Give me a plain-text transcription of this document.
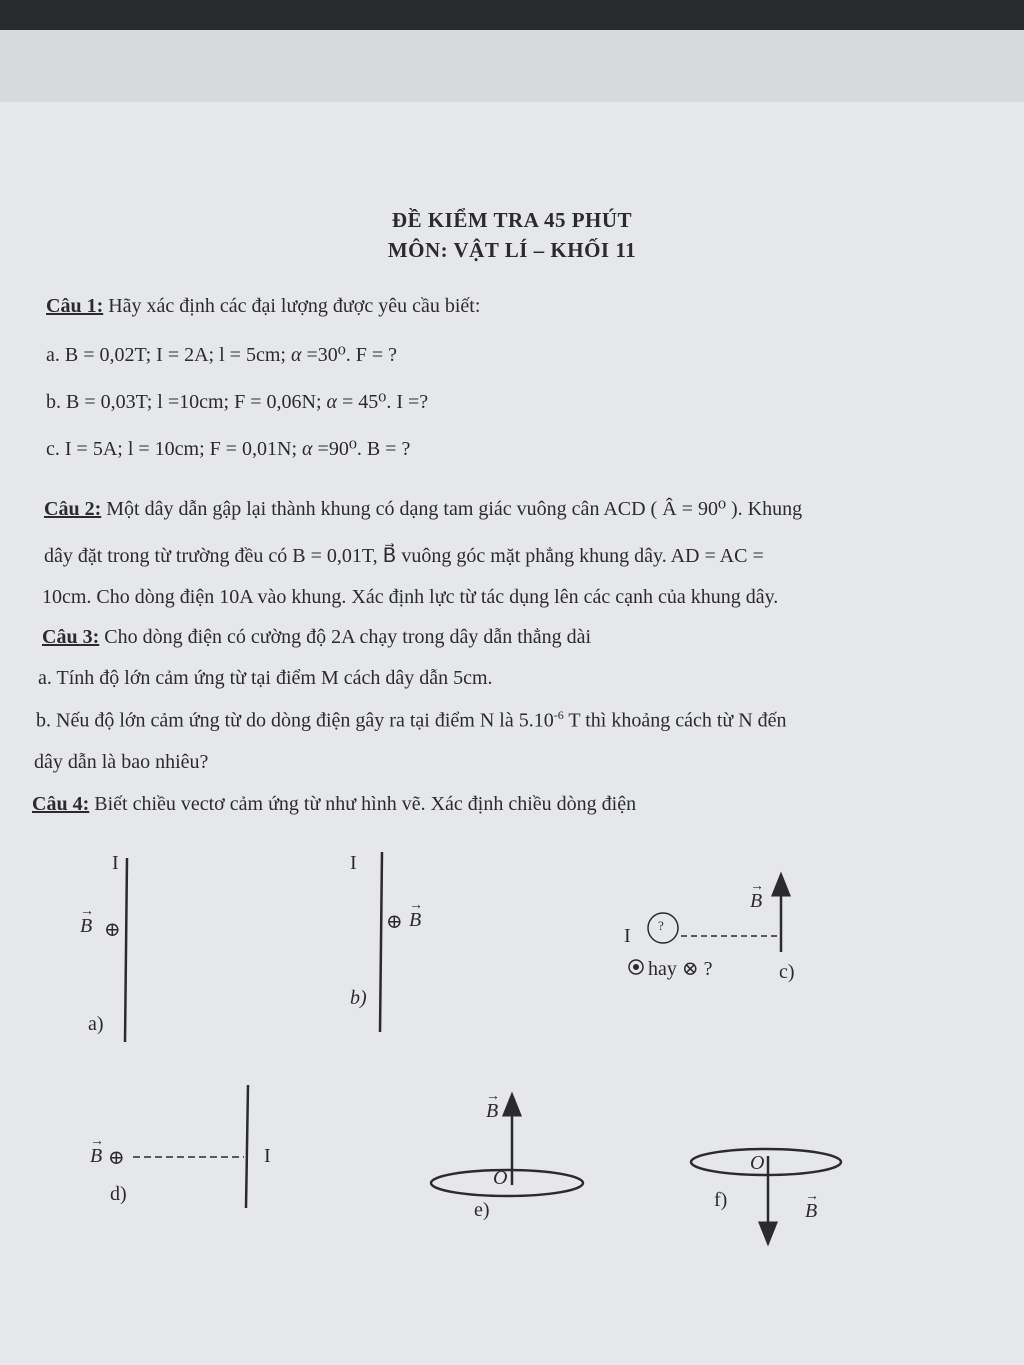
ĐỀ KIỂM TRA 45 PHÚT
MÔN: VẬT LÍ – KHỐI 11
Câu 1: Hãy xác định các đại lượng được yêu cầu biết:
a. B = 0,02T; I = 2A; l = 5cm; α =30⁰. F = ?
b. B = 0,03T; l =10cm; F = 0,06N; α = 45⁰. I =?
c. I = 5A; l = 10cm; F = 0,01N; α =90⁰. B = ?
Câu 2: Một dây dẫn gập lại thành khung có dạng tam giác vuông cân ACD ( Â = 90⁰ ). Khung
dây đặt trong từ trường đều có B = 0,01T, B⃗ vuông góc mặt phẳng khung dây. AD = AC =
10cm. Cho dòng điện 10A vào khung. Xác định lực từ tác dụng lên các cạnh của khung dây.
Câu 3: Cho dòng điện có cường độ 2A chạy trong dây dẫn thẳng dài
a. Tính độ lớn cảm ứng từ tại điểm M cách dây dẫn 5cm.
b. Nếu độ lớn cảm ứng từ do dòng điện gây ra tại điểm N là $5.10^{-6}$ T thì khoảng cách từ N đến
dây dẫn là bao nhiêu?
Câu 4: Biết chiều vectơ cảm ứng từ như hình vẽ. Xác định chiều dòng điện
I
B
→
⊕
a)
I
⊕ B
→
b)
B
→
I ?
hay ⊗ ?	c)
B
→
⊕	I
d)
B
→
O
e)
O
f)	B
→
